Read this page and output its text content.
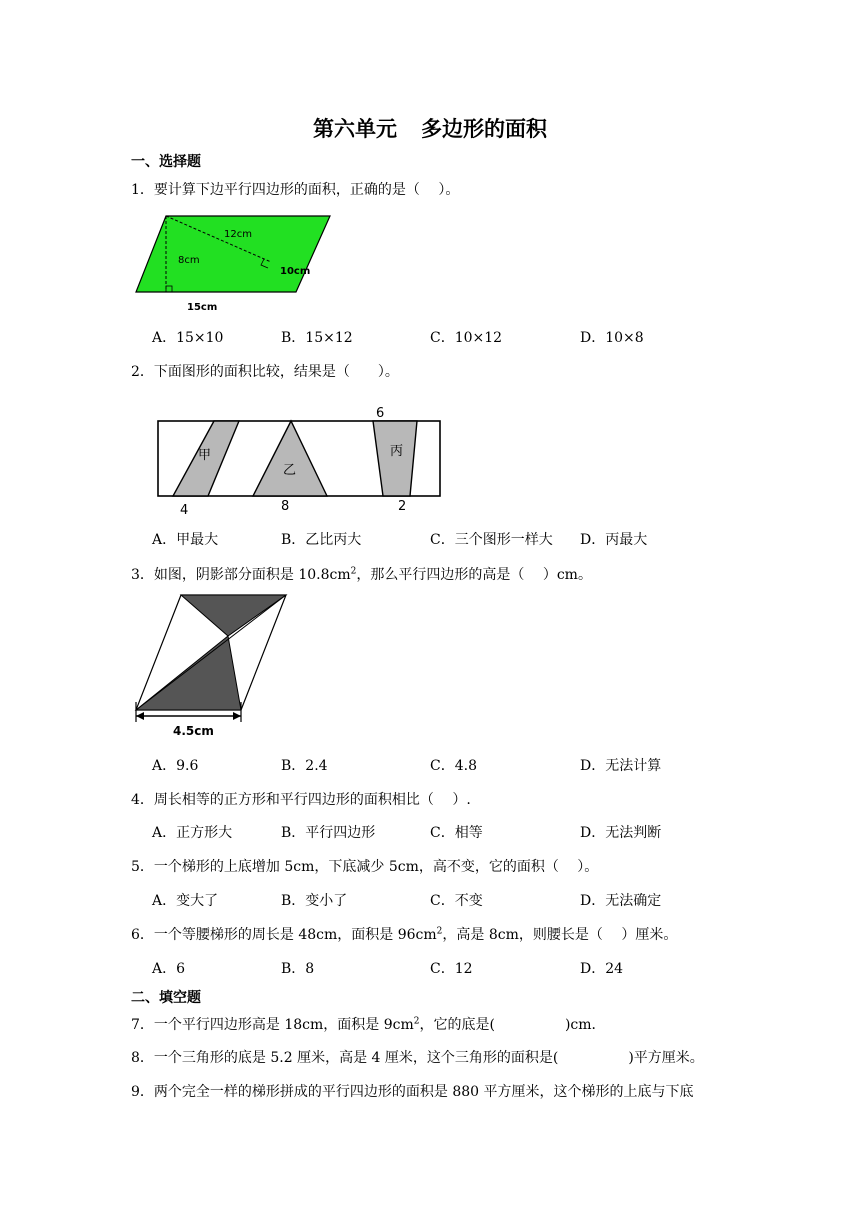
第六单元 多边形的面积
一、选择题
1．要计算下边平行四边形的面积，正确的是（　 ）。
12cm
8cm
10cm
15cm
A．15×10	B．15×12	C．10×12	D．10×8
2．下面图形的面积比较，结果是（　　）。
甲
乙
丙
4	8
6
2
A．甲最大	B．乙比丙大	C．三个图形一样大 D．丙最大
3．如图，阴影部分面积是 $10.8cm^2$，那么平行四边形的高是（　 ）cm。
4.5cm
A．9.6	B．2.4	C．4.8	D．无法计算
4．周长相等的正方形和平行四边形的面积相比（　 ）.
A．正方形大	B．平行四边形	C．相等	D．无法判断
5．一个梯形的上底增加 5cm，下底减少 5cm，高不变，它的面积（　 ）。
A．变大了	B．变小了	C．不变	D．无法确定
6．一个等腰梯形的周长是 48cm，面积是 $96cm^2$，高是 8cm，则腰长是（　 ）厘米。
A．6	B．8	C．12	D．24
二、填空题
7．一个平行四边形高是 18cm，面积是 $9cm^2$，它的底是(　　　　　)cm．
8．一个三角形的底是 5.2 厘米，高是 4 厘米，这个三角形的面积是(　　　　　)平方厘米。
9．两个完全一样的梯形拼成的平行四边形的面积是 880 平方厘米，这个梯形的上底与下底
